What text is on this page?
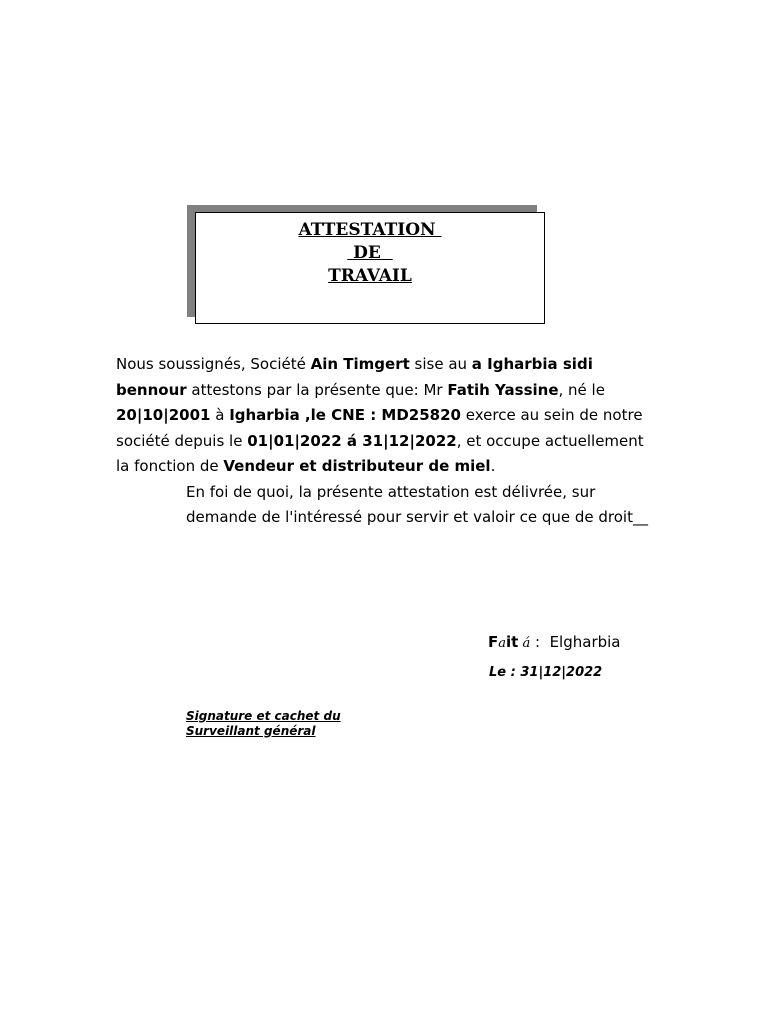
ATTESTATION
DE
TRAVAIL

Nous soussignés, Société Ain Timgert sise au a Igharbia sidi bennour attestons par la présente que: Mr Fatih Yassine, né le 20|10|2001 à Igharbia ,le CNE : MD25820 exerce au sein de notre société depuis le 01|01|2022 á 31|12|2022, et occupe actuellement la fonction de Vendeur et distributeur de miel.

En foi de quoi, la présente attestation est délivrée, sur demande de l'intéressé pour servir et valoir ce que de droit__

Fait á :  Elgharbia
Le : 31|12|2022
Signature et cachet du
Surveillant général
